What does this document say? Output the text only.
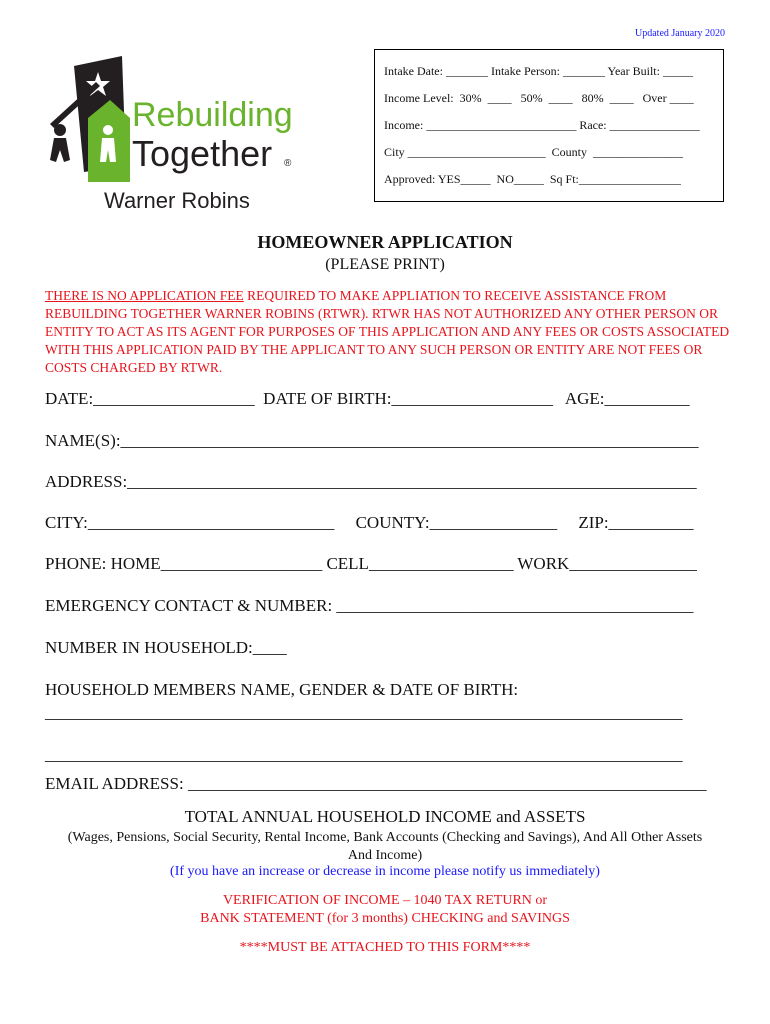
Updated January 2020
Rebuilding
Together ®
Warner Robins
Intake Date: _______ Intake Person: _______ Year Built: _____
Income Level:  30%  ____   50%  ____   80%  ____   Over ____
Income: _________________________ Race: _______________
City _______________________  County  _______________
Approved: YES_____  NO_____  Sq Ft:_________________
HOMEOWNER APPLICATION
(PLEASE PRINT)
THERE IS NO APPLICATION FEE REQUIRED TO MAKE APPLIATION TO RECEIVE ASSISTANCE FROM REBUILDING TOGETHER WARNER ROBINS (RTWR). RTWR HAS NOT AUTHORIZED ANY OTHER PERSON OR ENTITY TO ACT AS ITS AGENT FOR PURPOSES OF THIS APPLICATION AND ANY FEES OR COSTS ASSOCIATED WITH THIS APPLICATION PAID BY THE APPLICANT TO ANY SUCH PERSON OR ENTITY ARE NOT FEES OR COSTS CHARGED BY RTWR.
DATE:___________________  DATE OF BIRTH:___________________   AGE:__________
NAME(S):____________________________________________________________________
ADDRESS:___________________________________________________________________
CITY:_____________________________     COUNTY:_______________     ZIP:__________
PHONE: HOME___________________ CELL_________________ WORK_______________
EMERGENCY CONTACT & NUMBER: __________________________________________
NUMBER IN HOUSEHOLD:____
HOUSEHOLD MEMBERS NAME, GENDER & DATE OF BIRTH:
___________________________________________________________________________
___________________________________________________________________________
EMAIL ADDRESS: _____________________________________________________________
TOTAL ANNUAL HOUSEHOLD INCOME and ASSETS
(Wages, Pensions, Social Security, Rental Income, Bank Accounts (Checking and Savings), And All Other Assets And Income)
(If you have an increase or decrease in income please notify us immediately)
VERIFICATION OF INCOME – 1040 TAX RETURN or
BANK STATEMENT (for 3 months) CHECKING and SAVINGS
****MUST BE ATTACHED TO THIS FORM****
